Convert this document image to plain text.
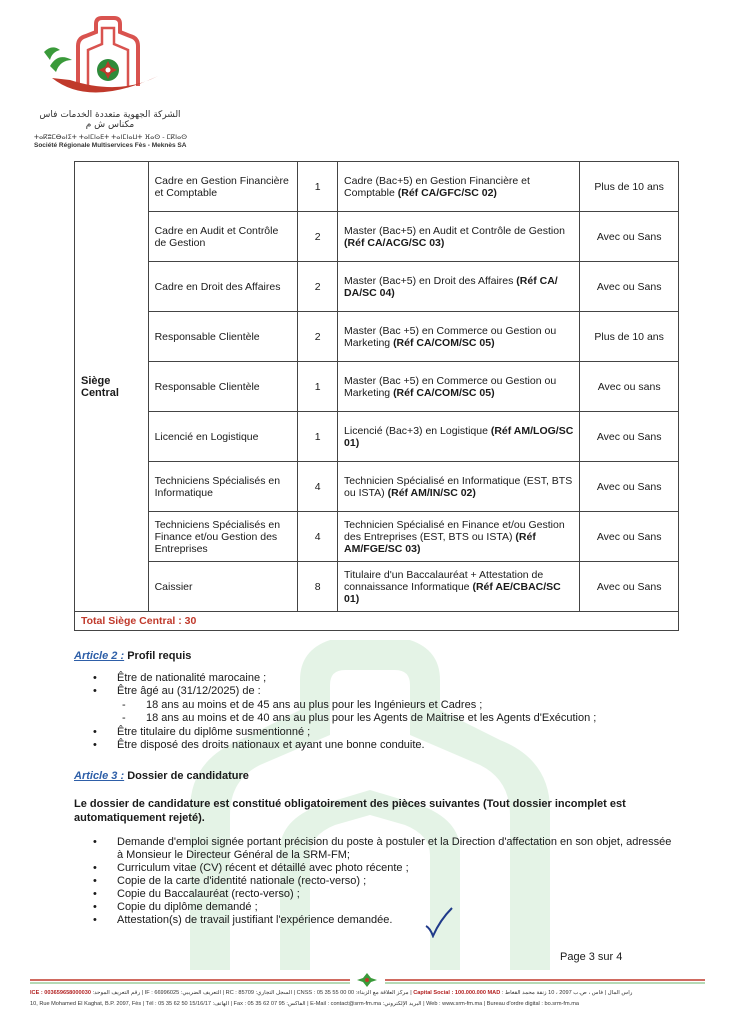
الشركة الجهوية متعددة الخدمات فاس مكناس ش م
ⵜⴰⴽⵓⵎⴱⴰⵏⵉⵜ ⵜⴰⵏⵎⵏⴰⴹⵜ ⵜⴰⵏⵎⵏⴰⵡⵜ ⴼⴰⵙ - ⵎⴽⵏⴰⵙ
Société Régionale Multiservices Fès - Meknès SA
Siège Central	Cadre en Gestion Financière et Comptable	1	Cadre (Bac+5) en Gestion Financière et Comptable (Réf CA/GFC/SC 02)	Plus de 10 ans
	Cadre en Audit et Contrôle de Gestion	2	Master (Bac+5) en Audit et Contrôle de Gestion (Réf CA/ACG/SC 03)	Avec ou Sans
	Cadre en Droit des Affaires	2	Master (Bac+5) en Droit des Affaires (Réf CA/ DA/SC 04)	Avec ou Sans
	Responsable Clientèle	2	Master (Bac +5) en Commerce ou Gestion ou Marketing (Réf CA/COM/SC 05)	Plus de 10 ans
	Responsable Clientèle	1	Master (Bac +5) en Commerce ou Gestion ou Marketing (Réf CA/COM/SC 05)	Avec ou sans
	Licencié en Logistique	1	Licencié (Bac+3) en Logistique (Réf AM/LOG/SC 01)	Avec ou Sans
	Techniciens Spécialisés en Informatique	4	Technicien Spécialisé en Informatique (EST, BTS ou ISTA) (Réf AM/IN/SC 02)	Avec ou Sans
	Techniciens Spécialisés en Finance et/ou Gestion des Entreprises	4	Technicien Spécialisé en Finance et/ou Gestion des Entreprises (EST, BTS ou ISTA) (Réf AM/FGE/SC 03)	Avec ou Sans
	Caissier	8	Titulaire d'un Baccalauréat + Attestation de connaissance Informatique (Réf AE/CBAC/SC 01)	Avec ou Sans
Total Siège Central : 30				
Article 2 : Profil requis
• Être de nationalité marocaine ;
• Être âgé au (31/12/2025) de :
- 18 ans au moins et de 45 ans au plus pour les Ingénieurs et Cadres ;
- 18 ans au moins et de 40 ans au plus pour les Agents de Maitrise et les Agents d'Exécution ;
• Être titulaire du diplôme susmentionné ;
• Être disposé des droits nationaux et ayant une bonne conduite.
Article 3 : Dossier de candidature
Le dossier de candidature est constitué obligatoirement des pièces suivantes (Tout dossier incomplet est automatiquement rejeté).
• Demande d'emploi signée portant précision du poste à postuler et la Direction d'affectation en son objet, adressée à Monsieur le Directeur Général de la SRM-FM;
• Curriculum vitae (CV) récent et détaillé avec photo récente ;
• Copie de la carte d'identité nationale (recto-verso) ;
• Copie du Baccalauréat (recto-verso) ;
• Copie du diplôme demandé ;
• Attestation(s) de travail justifiant l'expérience demandée.
Page 3 sur 4
ICE : 003659658000030 :رقم التعريف الموحد | IF : 66996025 :التعريف الضريبي | RC : 85709 :السجل التجاري | CNSS : 05 35 55 00 00 :مركز العلاقة مع الزبناء | Capital Social : 100.000.000 MAD : رأس المال | فاس ، ص.ب 2097 ، 10 زنقة محمد القغاط
10, Rue Mohamed El Kaghat, B.P. 2097, Fès | Tél : 05 35 62 50 15/16/17 :الهاتف | Fax : 05 35 62 07 95 :الفاكس | E-Mail : contact@srm-fm.ma :البريد الإلكتروني | Web : www.srm-fm.ma | Bureau d'ordre digital : bo.srm-fm.ma
